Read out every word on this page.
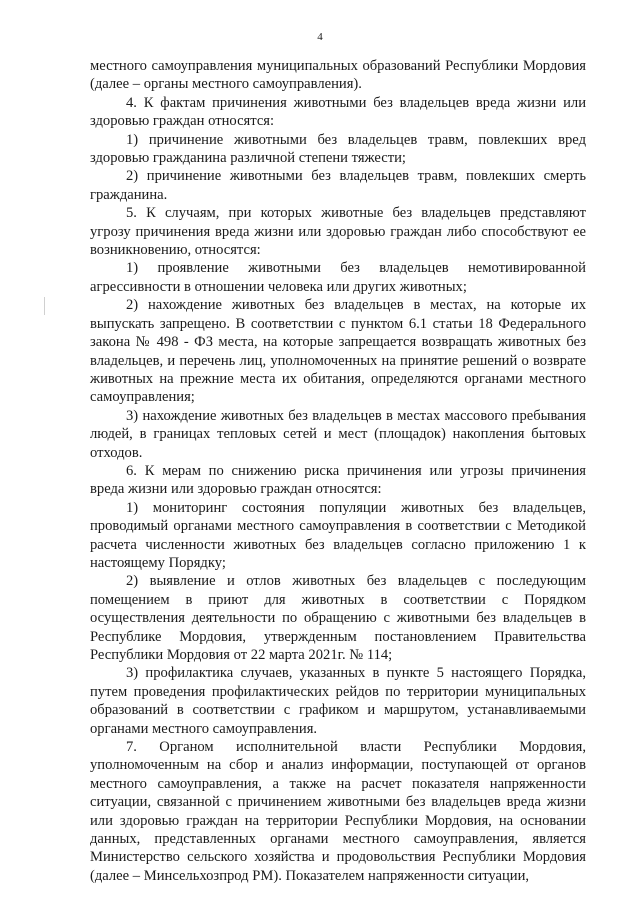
4

местного самоуправления муниципальных образований Республики Мордовия (далее – органы местного самоуправления).

4. К фактам причинения животными без владельцев вреда жизни или здоровью граждан относятся:

1) причинение животными без владельцев травм, повлекших вред здоровью гражданина различной степени тяжести;

2) причинение животными без владельцев травм, повлекших смерть гражданина.

5. К случаям, при которых животные без владельцев представляют угрозу причинения вреда жизни или здоровью граждан либо способствуют ее возникновению, относятся:

1) проявление животными без владельцев немотивированной агрессивности в отношении человека или других животных;

2) нахождение животных без владельцев в местах, на которые их выпускать запрещено. В соответствии с пунктом 6.1 статьи 18 Федерального закона № 498 - ФЗ места, на которые запрещается возвращать животных без владельцев, и перечень лиц, уполномоченных на принятие решений о возврате животных на прежние места их обитания, определяются органами местного самоуправления;

3) нахождение животных без владельцев в местах массового пребывания людей, в границах тепловых сетей и мест (площадок) накопления бытовых отходов.

6. К мерам по снижению риска причинения или угрозы причинения вреда жизни или здоровью граждан относятся:

1) мониторинг состояния популяции животных без владельцев, проводимый органами местного самоуправления в соответствии с Методикой расчета численности животных без владельцев согласно приложению 1 к настоящему Порядку;

2) выявление и отлов животных без владельцев с последующим помещением в приют для животных в соответствии с Порядком осуществления деятельности по обращению с животными без владельцев в Республике Мордовия, утвержденным постановлением Правительства Республики Мордовия от 22 марта 2021г. № 114;

3) профилактика случаев, указанных в пункте 5 настоящего Порядка, путем проведения профилактических рейдов по территории муниципальных образований в соответствии с графиком и маршрутом, устанавливаемыми органами местного самоуправления.

7. Органом исполнительной власти Республики Мордовия, уполномоченным на сбор и анализ информации, поступающей от органов местного самоуправления, а также на расчет показателя напряженности ситуации, связанной с причинением животными без владельцев вреда жизни или здоровью граждан на территории Республики Мордовия, на основании данных, представленных органами местного самоуправления, является Министерство сельского хозяйства и продовольствия Республики Мордовия (далее – Минсельхозпрод РМ). Показателем напряженности ситуации,
